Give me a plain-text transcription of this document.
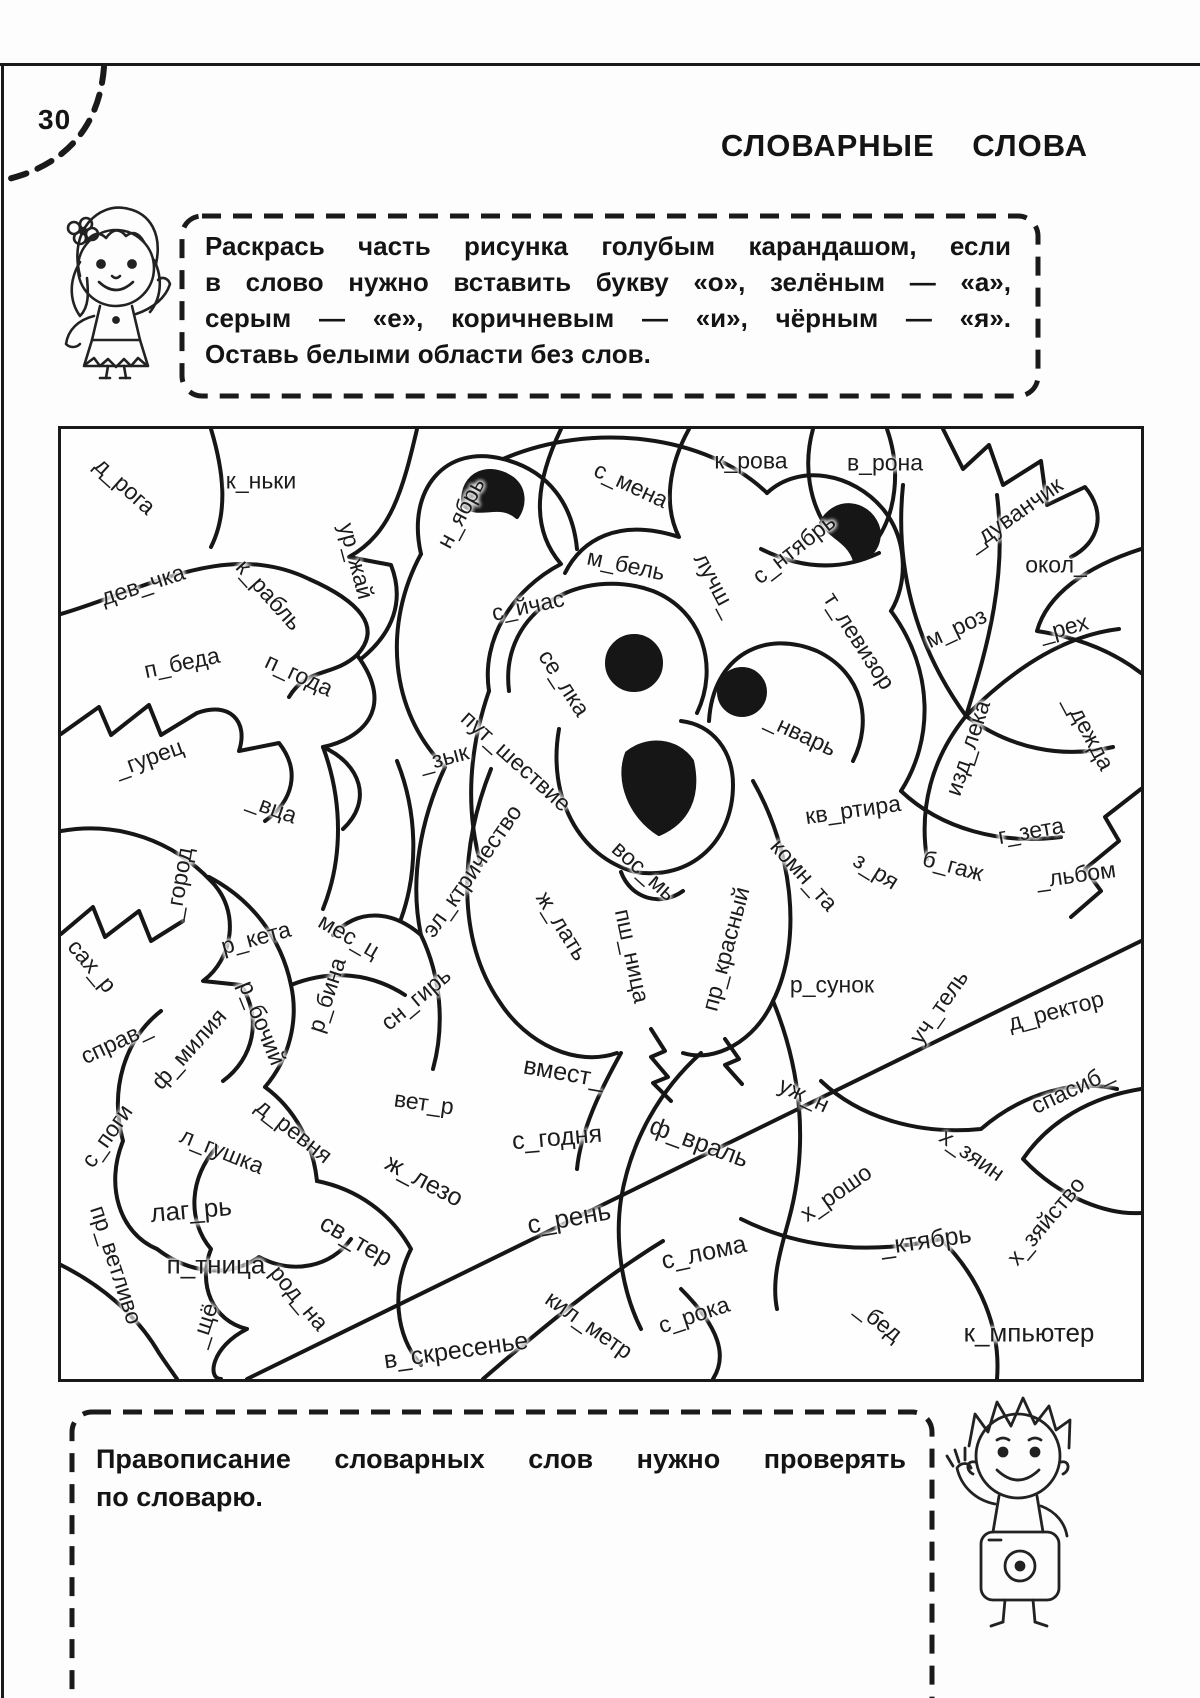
30
СЛОВАРНЫЕ СЛОВА
Раскрась часть рисунка голубым карандашом, если
в слово нужно вставить букву «о», зелёным — «а»,
серым — «е», коричневым — «и», чёрным — «я».
Оставь белыми области без слов.
д_рога	к_ньки	с_мена к_рова	в_рона
_дуванчик
окол_
дев_чка к_рабль ур_жай
н_ябрь
м_бель лучш_ с_нтябрь
т_левизор м_роз _рех
п_беда п_года
с_йчас
се_лка
_нварь	_дежда
_гурец
_вца
_зык
пут_шествие	кв_ртира
изд_лека
г_зета
_город	эл_ктричество	вос_мь	комн_та з_ря б_гаж _льбом
сах_р	р_кета мес_ц	ж_лать пш_ница пр_красный р_сунок уч_тель д_ректор
справ_
ф_милия р_бочий р_бина сн_гирь
спасиб_
с_поги л_гушка
д_ревня вет_р
вмест_
с_годня ф_враль
уж_н
х_зяин
х_рошо	х_зяйство
лаг_рь	ж_лезо
св_тер	с_рень
с_лома	_ктябрь
пр_ветливо п_тница род_на
_щё
в_скресенье кил_метр с_рока	_бед к_мпьютер
Правописание словарных слов нужно проверять
по словарю.
